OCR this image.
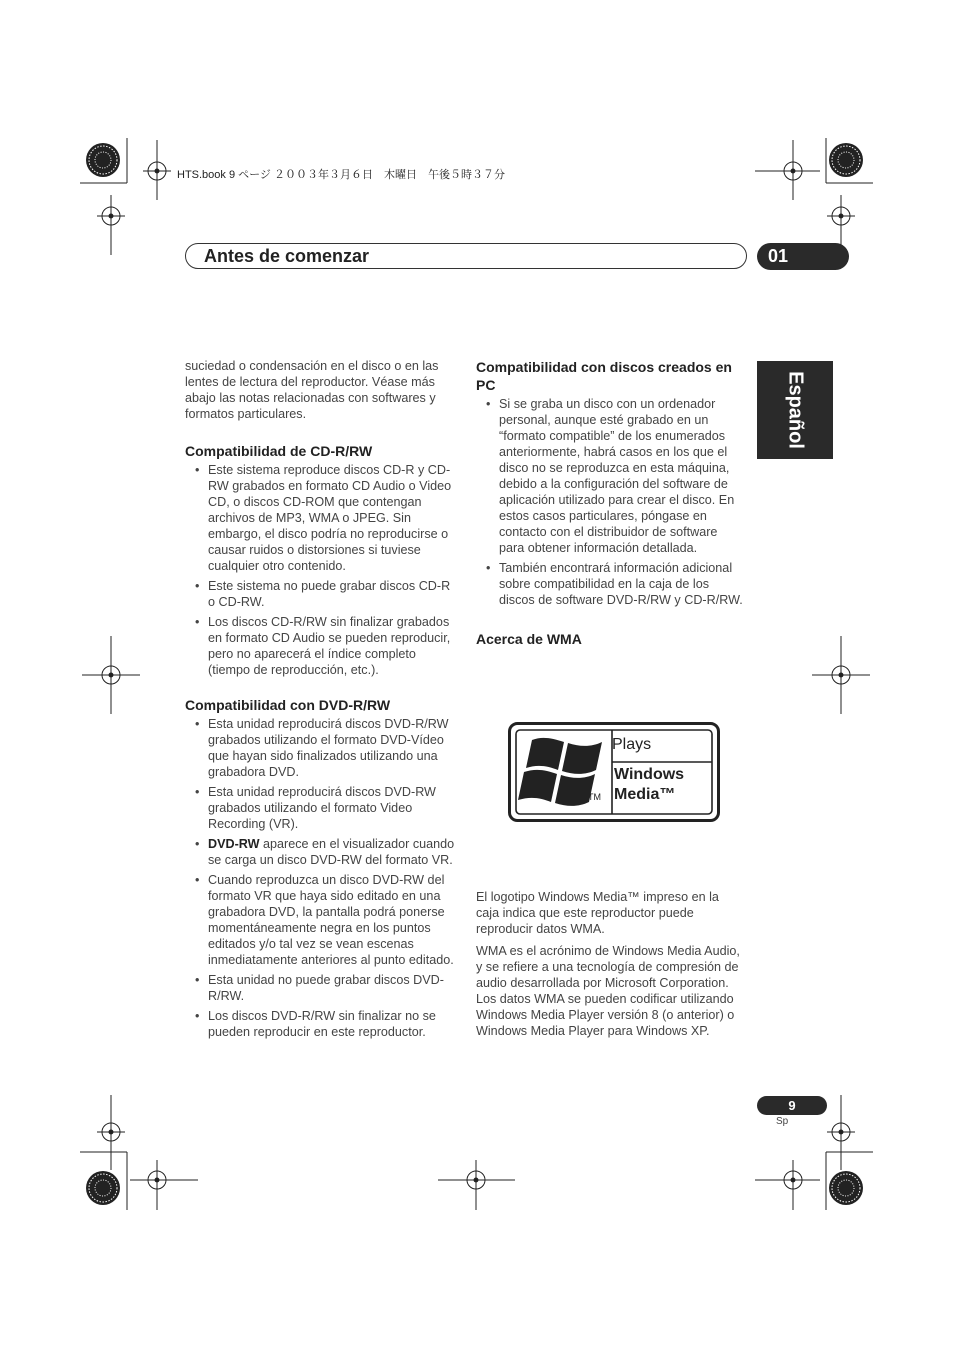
HTS.book 9 ページ ２００３年３月６日　木曜日　午後５時３７分
Antes de comenzar	01
Español

suciedad o condensación en el disco o en las lentes de lectura del reproductor. Véase más abajo las notas relacionadas con softwares y formatos particulares.

Compatibilidad de CD-R/RW
• Este sistema reproduce discos CD-R y CD-RW grabados en formato CD Audio o Video CD, o discos CD-ROM que contengan archivos de MP3, WMA o JPEG. Sin embargo, el disco podría no reproducirse o causar ruidos o distorsiones si tuviese cualquier otro contenido.
• Este sistema no puede grabar discos CD-R o CD-RW.
• Los discos CD-R/RW sin finalizar grabados en formato CD Audio se pueden reproducir, pero no aparecerá el índice completo (tiempo de reproducción, etc.).
Compatibilidad con DVD-R/RW
• Esta unidad reproducirá discos DVD-R/RW grabados utilizando el formato DVD-Vídeo que hayan sido finalizados utilizando una grabadora DVD.
• Esta unidad reproducirá discos DVD-RW grabados utilizando el formato Video Recording (VR).
• DVD-RW aparece en el visualizador cuando se carga un disco DVD-RW del formato VR.
• Cuando reproduzca un disco DVD-RW del formato VR que haya sido editado en una grabadora DVD, la pantalla podrá ponerse momentáneamente negra en los puntos editados y/o tal vez se vean escenas inmediatamente anteriores al punto editado.
• Esta unidad no puede grabar discos DVD-R/RW.
• Los discos DVD-R/RW sin finalizar no se pueden reproducir en este reproductor.
Compatibilidad con discos creados en PC
• Si se graba un disco con un ordenador personal, aunque esté grabado en un “formato compatible” de los enumerados anteriormente, habrá casos en los que el disco no se reproduzca en esta máquina, debido a la configuración del software de aplicación utilizado para crear el disco. En estos casos particulares, póngase en contacto con el distribuidor de software para obtener información detallada.
• También encontrará información adicional sobre compatibilidad en la caja de los discos de software DVD-R/RW y CD-R/RW.
Acerca de WMA
Plays
Windows
Media™
TM

El logotipo Windows Media™ impreso en la caja indica que este reproductor puede reproducir datos WMA.

WMA es el acrónimo de Windows Media Audio, y se refiere a una tecnología de compresión de audio desarrollada por Microsoft Corporation. Los datos WMA se pueden codificar utilizando Windows Media Player versión 8 (o anterior) o Windows Media Player para Windows XP.

9
Sp
